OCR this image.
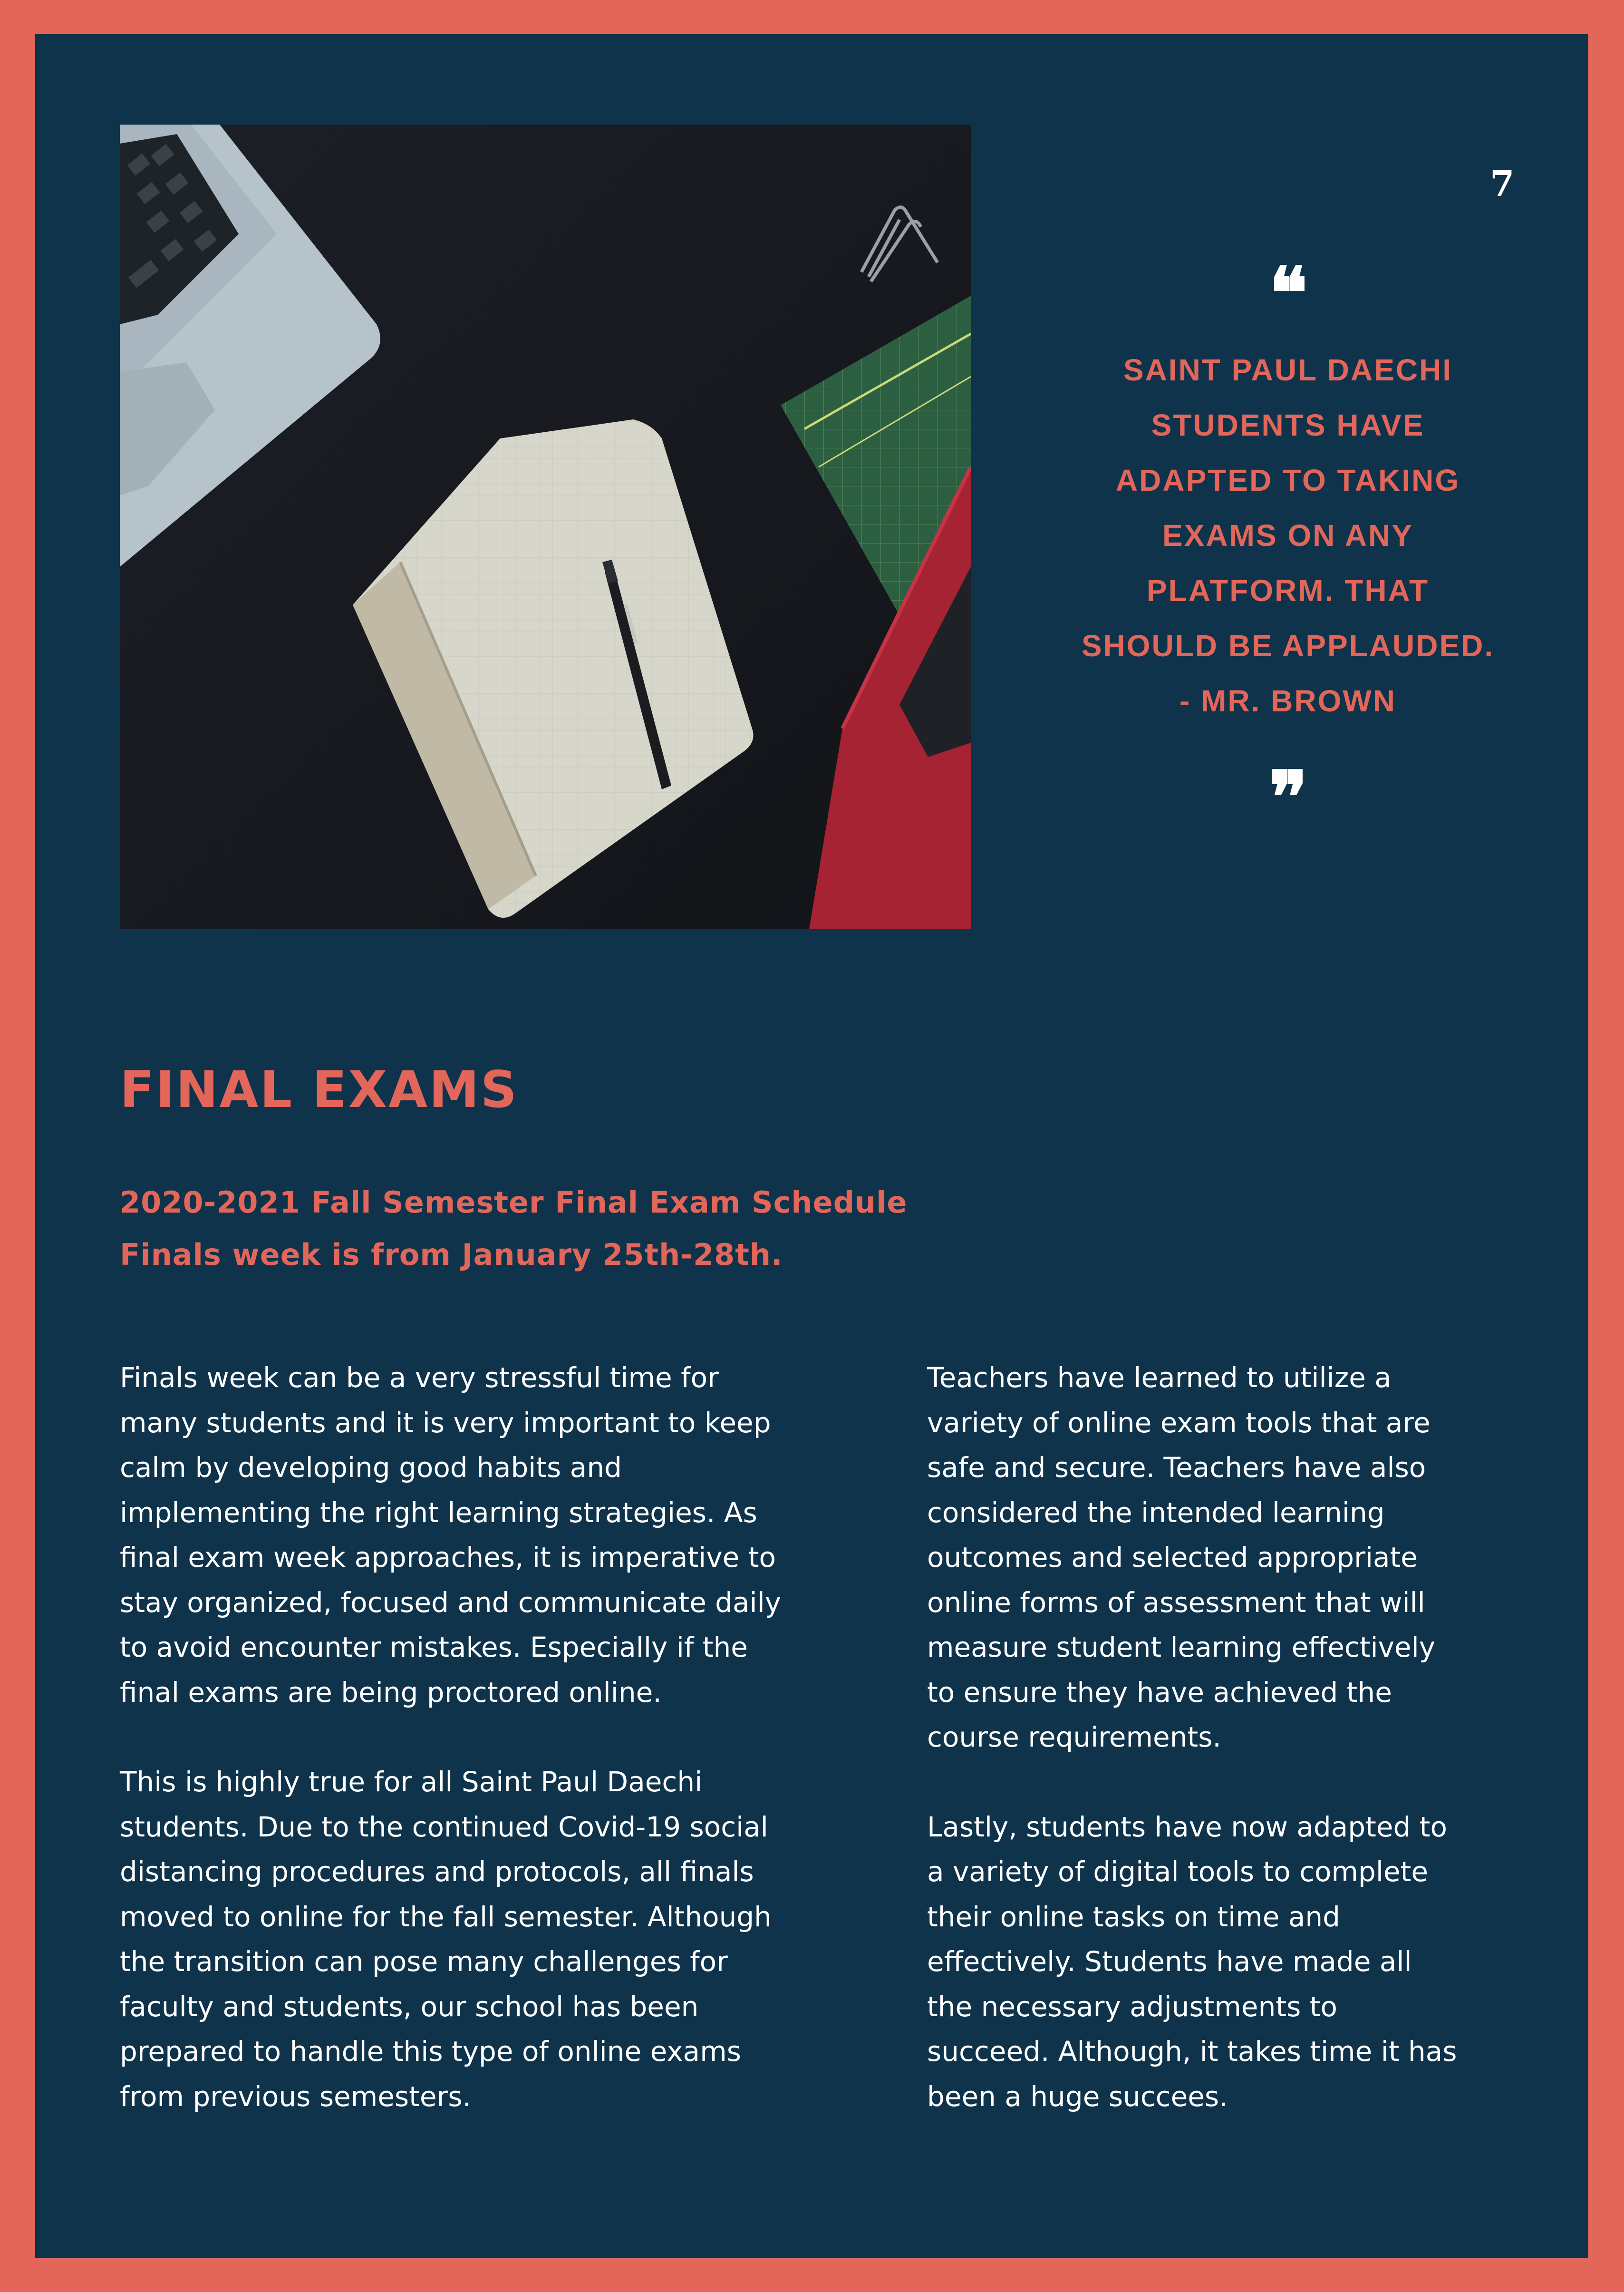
7
❝
SAINT PAUL DAECHI
STUDENTS HAVE
ADAPTED TO TAKING
EXAMS ON ANY
PLATFORM. THAT
SHOULD BE APPLAUDED.
- MR. BROWN
❞
FINAL EXAMS
2020-2021 Fall Semester Final Exam Schedule
Finals week is from January 25th-28th.

Finals week can be a very stressful time for
many students and it is very important to keep
calm by developing good habits and
implementing the right learning strategies. As
final exam week approaches, it is imperative to
stay organized, focused and communicate daily
to avoid encounter mistakes. Especially if the
final exams are being proctored online.

This is highly true for all Saint Paul Daechi
students. Due to the continued Covid-19 social
distancing procedures and protocols, all finals
moved to online for the fall semester. Although
the transition can pose many challenges for
faculty and students, our school has been
prepared to handle this type of online exams
from previous semesters.

Teachers have learned to utilize a
variety of online exam tools that are
safe and secure. Teachers have also
considered the intended learning
outcomes and selected appropriate
online forms of assessment that will
measure student learning effectively
to ensure they have achieved the
course requirements.

Lastly, students have now adapted to
a variety of digital tools to complete
their online tasks on time and
effectively. Students have made all
the necessary adjustments to
succeed. Although, it takes time it has
been a huge succees.
